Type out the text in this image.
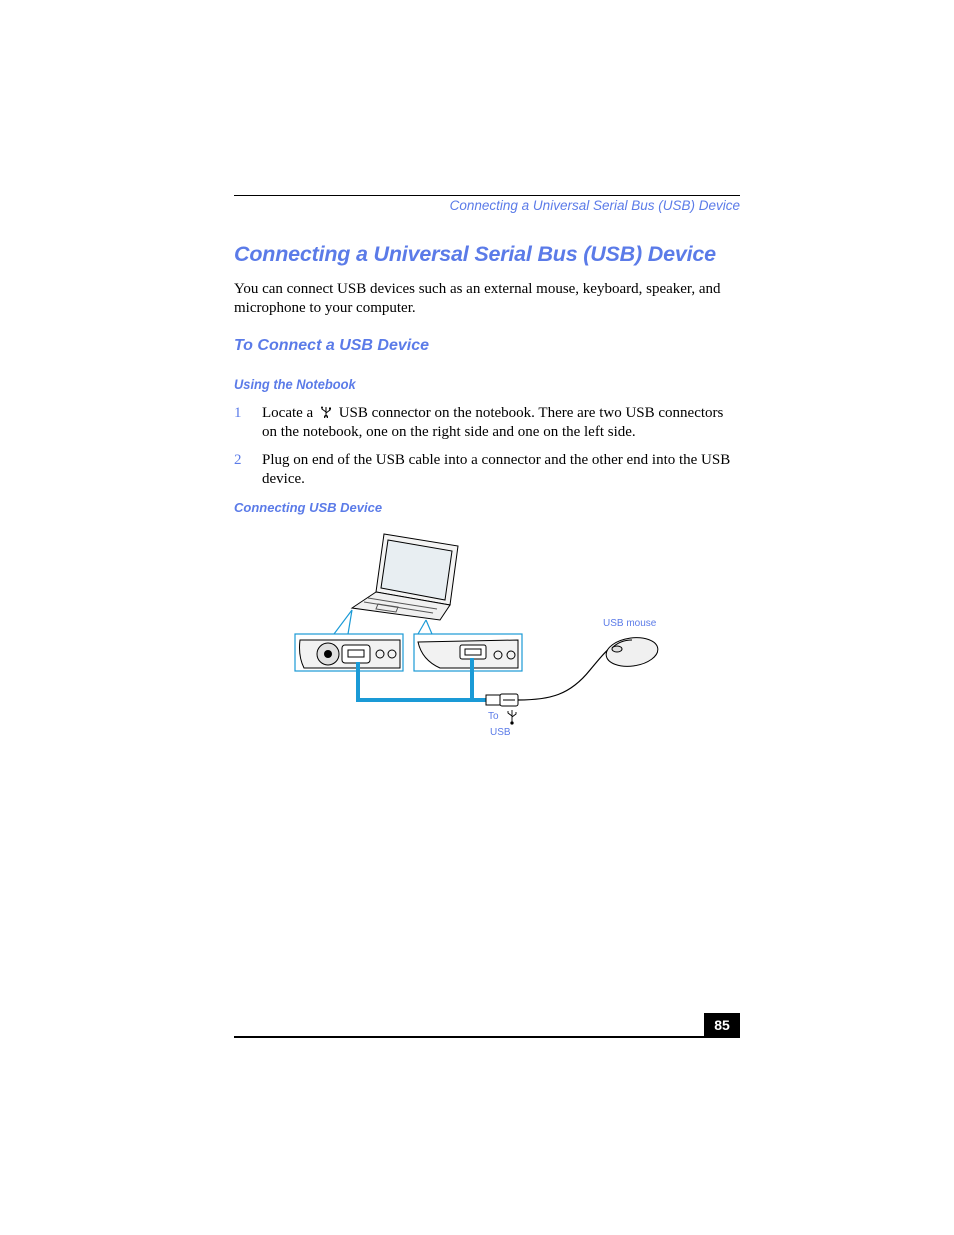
Connecting a Universal Serial Bus (USB) Device
Connecting a Universal Serial Bus (USB) Device

You can connect USB devices such as an external mouse, keyboard, speaker, and microphone to your computer.

To Connect a USB Device
Using the Notebook
1 Locate a USB connector on the notebook. There are two USB connectors on the notebook, one on the right side and one on the left side.
2 Plug on end of the USB cable into a connector and the other end into the USB device.
Connecting USB Device
USB mouse
To
USB
85
